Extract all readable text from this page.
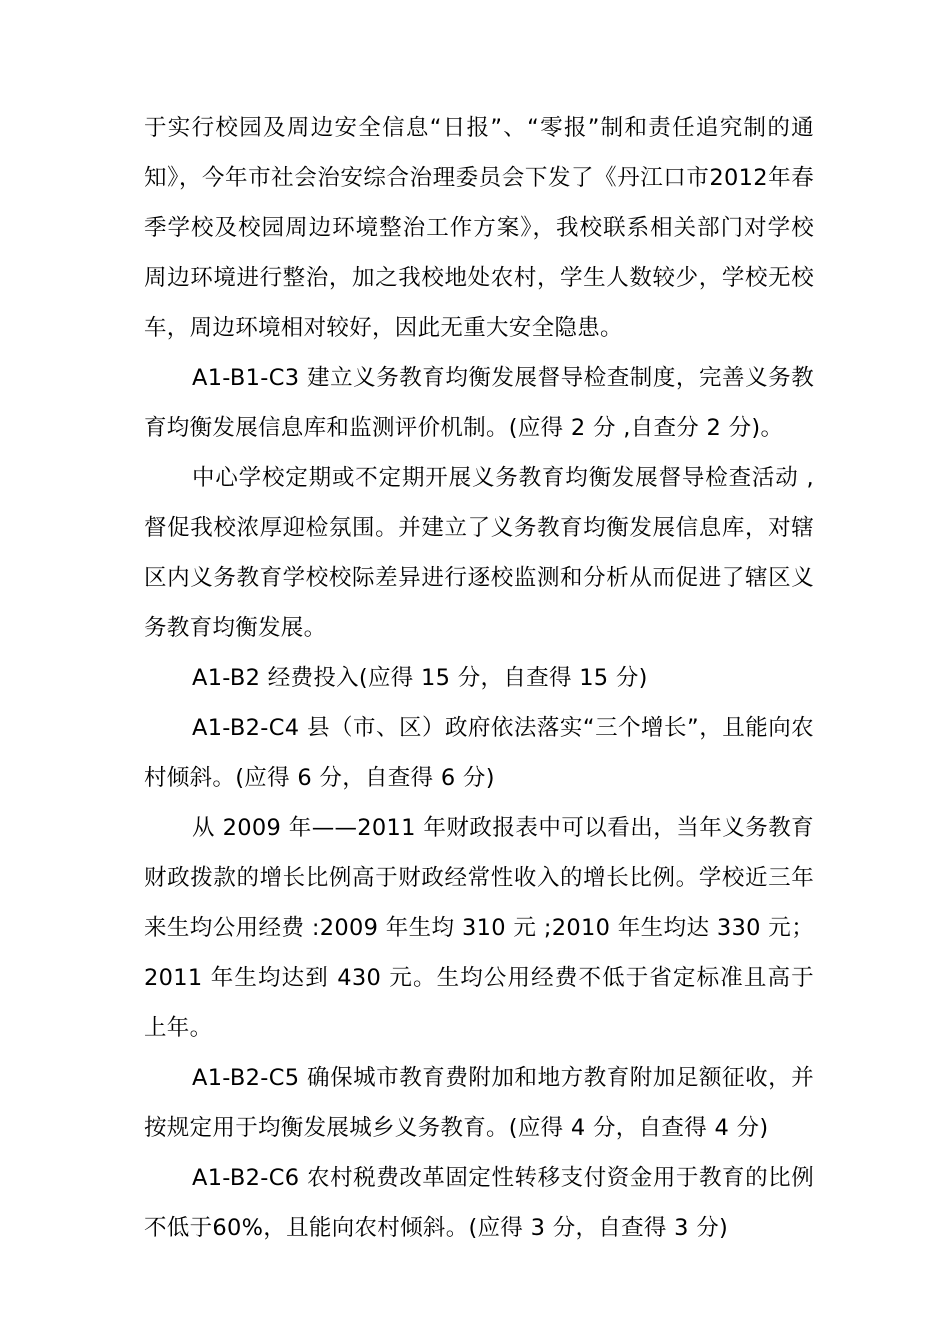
于实行校园及周边安全信息“日报”、“零报”制和责任追究制的通知》，今年市社会治安综合治理委员会下发了《丹江口市2012年春季学校及校园周边环境整治工作方案》，我校联系相关部门对学校周边环境进行整治，加之我校地处农村，学生人数较少，学校无校车，周边环境相对较好，因此无重大安全隐患。

A1-B1-C3 建立义务教育均衡发展督导检查制度，完善义务教育均衡发展信息库和监测评价机制。(应得 2 分 ,自查分 2 分)。

中心学校定期或不定期开展义务教育均衡发展督导检查活动 ,督促我校浓厚迎检氛围。并建立了义务教育均衡发展信息库，对辖区内义务教育学校校际差异进行逐校监测和分析从而促进了辖区义务教育均衡发展。

A1-B2 经费投入(应得 15 分，自查得 15 分)

A1-B2-C4 县（市、区）政府依法落实“三个增长”，且能向农村倾斜。(应得 6 分，自查得 6 分)

从 2009 年——2011 年财政报表中可以看出，当年义务教育财政拨款的增长比例高于财政经常性收入的增长比例。学校近三年来生均公用经费 :2009 年生均 310 元 ;2010 年生均达 330 元；2011 年生均达到 430 元。生均公用经费不低于省定标准且高于上年。

A1-B2-C5 确保城市教育费附加和地方教育附加足额征收，并按规定用于均衡发展城乡义务教育。(应得 4 分，自查得 4 分)

A1-B2-C6 农村税费改革固定性转移支付资金用于教育的比例不低于60%，且能向农村倾斜。(应得 3 分，自查得 3 分)
